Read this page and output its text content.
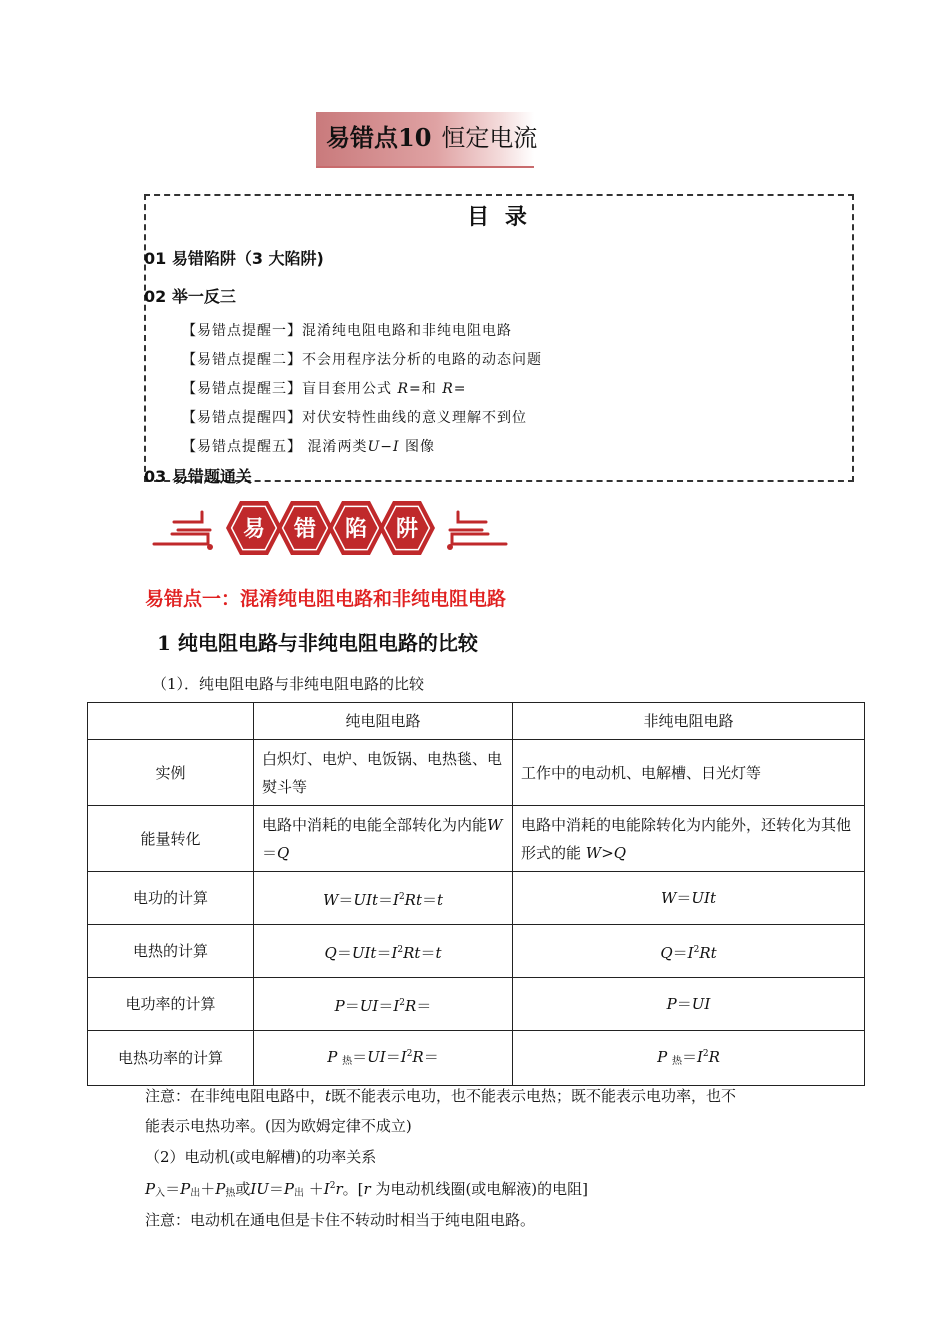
易错点10 恒定电流
目 录
01 易错陷阱（3 大陷阱)
02 举一反三
【易错点提醒一】混淆纯电阻电路和非纯电阻电路
【易错点提醒二】不会用程序法分析的电路的动态问题
【易错点提醒三】盲目套用公式 R=和 R=
【易错点提醒四】对伏安特性曲线的意义理解不到位
【易错点提醒五】 混淆两类U−I 图像
03 易错题通关
易 错 陷 阱
易错点一：混淆纯电阻电路和非纯电阻电路
1 纯电阻电路与非纯电阻电路的比较
（1）．纯电阻电路与非纯电阻电路的比较
	纯电阻电路	非纯电阻电路
实例	白炽灯、电炉、电饭锅、电热毯、电熨斗等	工作中的电动机、电解槽、日光灯等
能量转化	电路中消耗的电能全部转化为内能W＝Q	电路中消耗的电能除转化为内能外，还转化为其他形式的能 W>Q
电功的计算	$W=UIt=I^2Rt=t$	W＝UIt
电热的计算	$Q=UIt=I^2Rt=t$	$Q=I^2Rt$
电功率的计算	$P=UI=I^2R=$	P＝UI
电热功率的计算	P $_热=UI=I^2R=$	P $_热=I^2R$
注意：在非纯电阻电路中，t既不能表示电功，也不能表示电热；既不能表示电功率，也不
能表示电热功率。(因为欧姆定律不成立)
（2）电动机(或电解槽)的功率关系
$P_入=P_出+P_热$或$IU=P_出 +I^2r$。[r 为电动机线圈(或电解液)的电阻]
注意：电动机在通电但是卡住不转动时相当于纯电阻电路。
